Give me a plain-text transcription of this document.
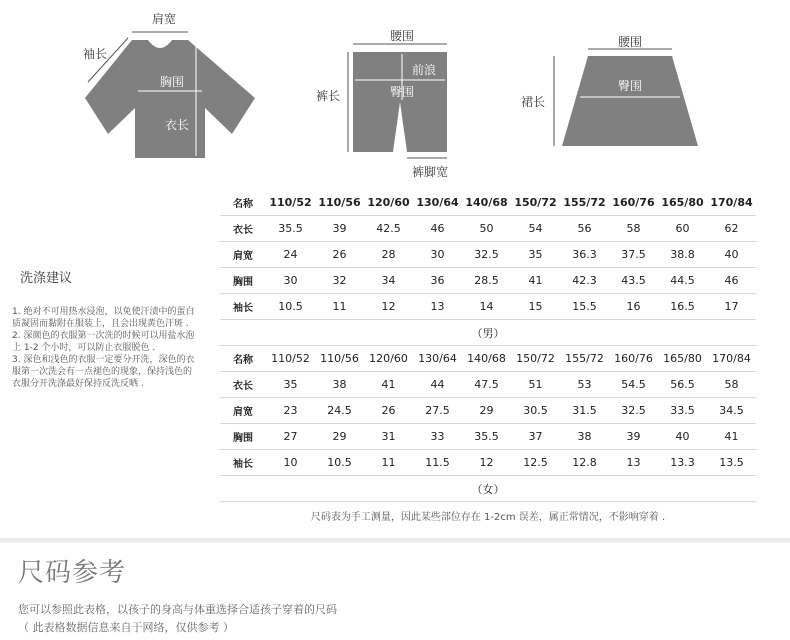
肩宽
袖长
胸围
衣长
腰围
前浪
臀围
裤长
裤脚宽
腰围
臀围
裙长
洗涤建议

1. 绝对不可用热水浸泡，以免使汗渍中的蛋白质凝固而黏附在服装上，且会出现黄色汗斑 .

2. 深颜色的衣服第一次洗的时候可以用盐水泡上 1-2 个小时，可以防止衣服脱色 .

3. 深色和浅色的衣服一定要分开洗，深色的衣服第一次洗会有一点褪色的现象，保持浅色的衣服分开洗涤最好保持反洗反晒 .

名称	110/52	110/56	120/60	130/64	140/68	150/72	155/72	160/76	165/80	170/84
衣长	35.5	39	42.5	46	50	54	56	58	60	62
肩宽	24	26	28	30	32.5	35	36.3	37.5	38.8	40
胸围	30	32	34	36	28.5	41	42.3	43.5	44.5	46
袖长	10.5	11	12	13	14	15	15.5	16	16.5	17
（男）										
名称	110/52	110/56	120/60	130/64	140/68	150/72	155/72	160/76	165/80	170/84
衣长	35	38	41	44	47.5	51	53	54.5	56.5	58
肩宽	23	24.5	26	27.5	29	30.5	31.5	32.5	33.5	34.5
胸围	27	29	31	33	35.5	37	38	39	40	41
袖长	10	10.5	11	11.5	12	12.5	12.8	13	13.3	13.5
（女）										
尺码表为手工测量，因此某些部位存在 1-2cm 误差，属正常情况，不影响穿着 .
尺码参考
您可以参照此表格，以孩子的身高与体重选择合适孩子穿着的尺码
（ 此表格数据信息来自于网络，仅供参考 ）
